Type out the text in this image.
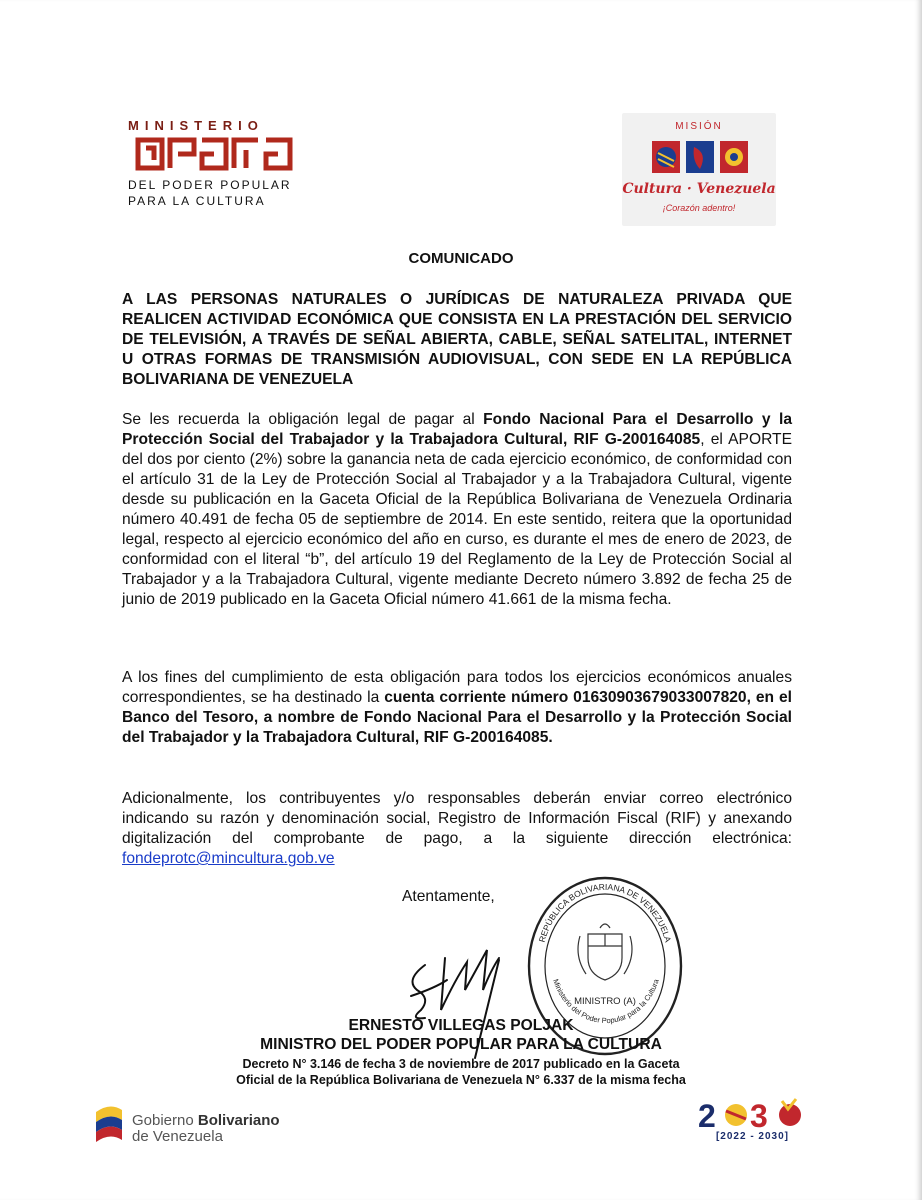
MINISTERIO
DEL PODER POPULAR
PARA LA CULTURA
MISIÓN
Cultura · Venezuela
¡Corazón adentro!
COMUNICADO
A LAS PERSONAS NATURALES O JURÍDICAS DE NATURALEZA PRIVADA QUE REALICEN ACTIVIDAD ECONÓMICA QUE CONSISTA EN LA PRESTACIÓN DEL SERVICIO DE TELEVISIÓN, A TRAVÉS DE SEÑAL ABIERTA, CABLE, SEÑAL SATELITAL, INTERNET U OTRAS FORMAS DE TRANSMISIÓN AUDIOVISUAL, CON SEDE EN LA REPÚBLICA BOLIVARIANA DE VENEZUELA
Se les recuerda la obligación legal de pagar al Fondo Nacional Para el Desarrollo y la Protección Social del Trabajador y la Trabajadora Cultural, RIF G-200164085, el APORTE del dos por ciento (2%) sobre la ganancia neta de cada ejercicio económico, de conformidad con el artículo 31 de la Ley de Protección Social al Trabajador y a la Trabajadora Cultural, vigente desde su publicación en la Gaceta Oficial de la República Bolivariana de Venezuela Ordinaria número 40.491 de fecha 05 de septiembre de 2014. En este sentido, reitera que la oportunidad legal, respecto al ejercicio económico del año en curso, es durante el mes de enero de 2023, de conformidad con el literal “b”, del artículo 19 del Reglamento de la Ley de Protección Social al Trabajador y a la Trabajadora Cultural, vigente mediante Decreto número 3.892 de fecha 25 de junio de 2019 publicado en la Gaceta Oficial número 41.661 de la misma fecha.
A los fines del cumplimiento de esta obligación para todos los ejercicios económicos anuales correspondientes, se ha destinado la cuenta corriente número 01630903679033007820, en el Banco del Tesoro, a nombre de Fondo Nacional Para el Desarrollo y la Protección Social del Trabajador y la Trabajadora Cultural, RIF G-200164085.
Adicionalmente, los contribuyentes y/o responsables deberán enviar correo electrónico indicando su razón y denominación social, Registro de Información Fiscal (RIF) y anexando digitalización del comprobante de pago, a la siguiente dirección electrónica: fondeprotc@mincultura.gob.ve
Atentamente,
REPÚBLICA BOLIVARIANA DE VENEZUELA
Ministerio del Poder Popular para la Cultura
MINISTRO (A)
ERNESTO VILLEGAS POLJAK
MINISTRO DEL PODER POPULAR PARA LA CULTURA
Decreto N° 3.146 de fecha 3 de noviembre de 2017 publicado en la Gaceta
Oficial de la República Bolivariana de Venezuela N° 6.337 de la misma fecha
Gobierno Bolivariano
de Venezuela
2 3
[2022 - 2030]
